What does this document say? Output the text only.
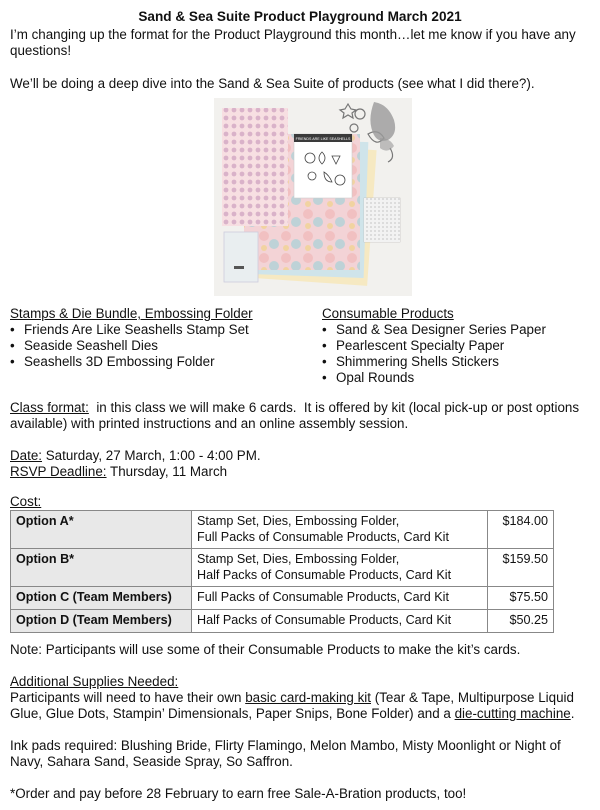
Sand & Sea Suite Product Playground March 2021
I’m changing up the format for the Product Playground this month…let me know if you have any questions!
We’ll be doing a deep dive into the Sand & Sea Suite of products (see what I did there?).
FRIENDS ARE LIKE SEASHELLS
Stamps & Die Bundle, Embossing Folder
• Friends Are Like Seashells Stamp Set
• Seaside Seashell Dies
• Seashells 3D Embossing Folder
Consumable Products
• Sand & Sea Designer Series Paper
• Pearlescent Specialty Paper
• Shimmering Shells Stickers
• Opal Rounds
Class format:  in this class we will make 6 cards.  It is offered by kit (local pick-up or post options available) with printed instructions and an online assembly session.
Date: Saturday, 27 March, 1:00 - 4:00 PM.
RSVP Deadline: Thursday, 11 March
Cost:
Option A*	Stamp Set, Dies, Embossing Folder,
Full Packs of Consumable Products, Card Kit	$184.00
Option B*	Stamp Set, Dies, Embossing Folder,
Half Packs of Consumable Products, Card Kit	$159.50
Option C (Team Members)	Full Packs of Consumable Products, Card Kit	$75.50
Option D (Team Members)	Half Packs of Consumable Products, Card Kit	$50.25
Note: Participants will use some of their Consumable Products to make the kit’s cards.
Additional Supplies Needed:
Participants will need to have their own basic card-making kit (Tear & Tape, Multipurpose Liquid Glue, Glue Dots, Stampin’ Dimensionals, Paper Snips, Bone Folder) and a die-cutting machine.
Ink pads required: Blushing Bride, Flirty Flamingo, Melon Mambo, Misty Moonlight or Night of Navy, Sahara Sand, Seaside Spray, So Saffron.
*Order and pay before 28 February to earn free Sale-A-Bration products, too!
